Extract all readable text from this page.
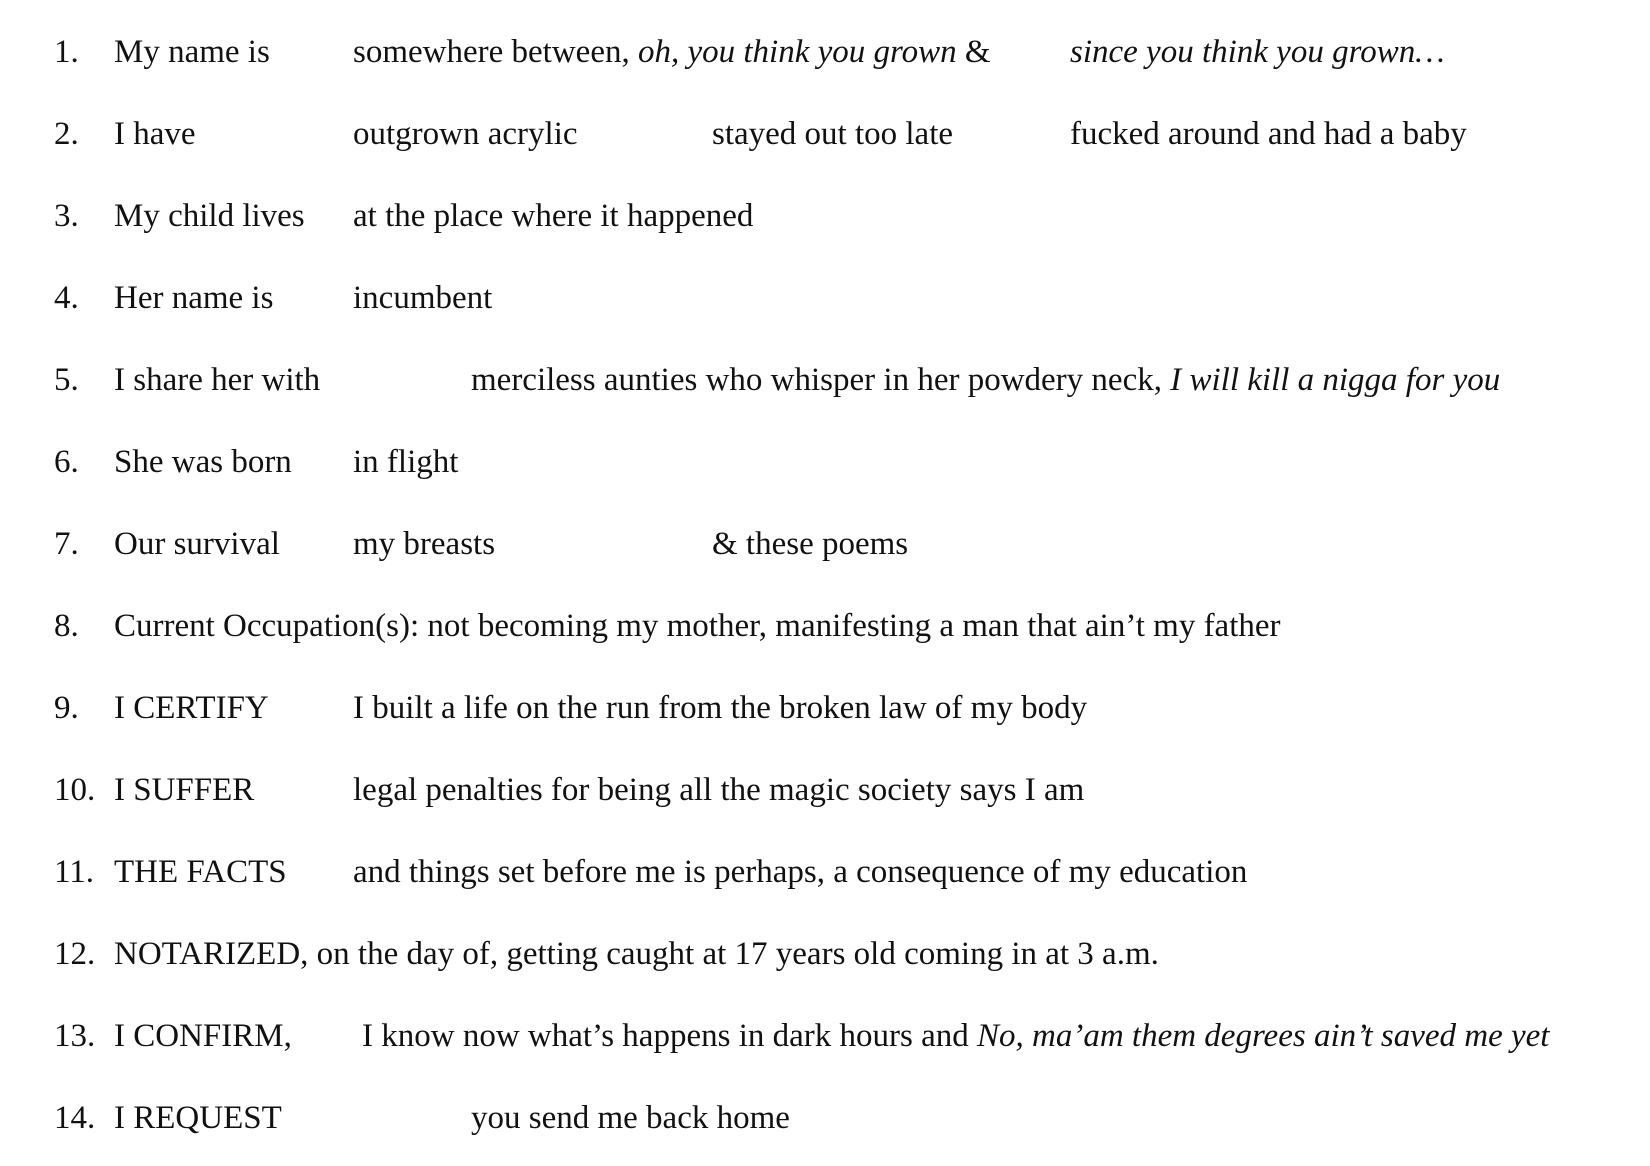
1. My name is	somewhere between, oh, you think you grown & since you think you grown…
2. I have	outgrown acrylic	stayed out too late	fucked around and had a baby
3. My child lives at the place where it happened
4. Her name is incumbent
5. I share her with	merciless aunties who whisper in her powdery neck, I will kill a nigga for you
6. She was born in flight
7. Our survival my breasts	& these poems
8. Current Occupation(s): not becoming my mother, manifesting a man that ain’t my father
9. I CERTIFY	I built a life on the run from the broken law of my body
10. I SUFFER	legal penalties for being all the magic society says I am
11. THE FACTS and things set before me is perhaps, a consequence of my education
12. NOTARIZED, on the day of, getting caught at 17 years old coming in at 3 a.m.
13. I CONFIRM, I know now what’s happens in dark hours and No, ma’am them degrees ain’t saved me yet
14. I REQUEST	you send me back home
